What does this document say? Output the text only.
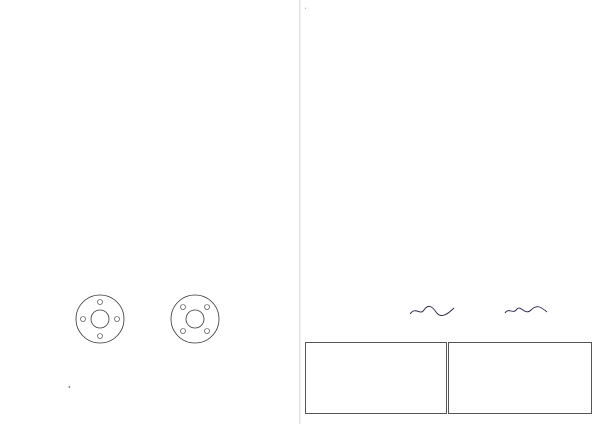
➜
•
